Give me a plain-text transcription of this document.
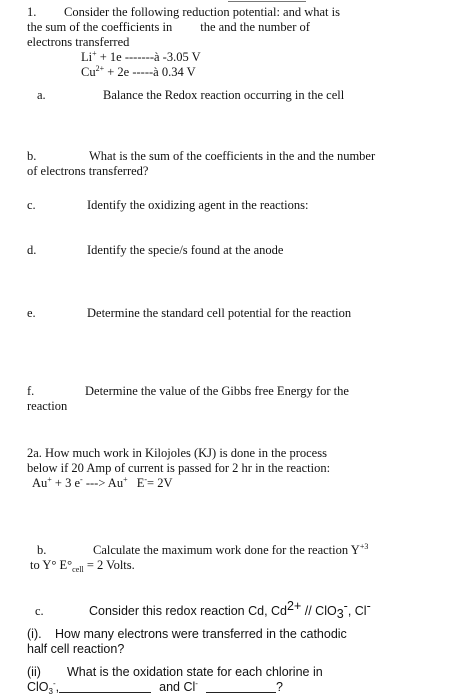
1. Consider the following reduction potential: and what is
the sum of the coefficients in the and the number of
electrons transferred
Li+ + 1e -------à -3.05 V
$Cu^{2+} + 2e$ -----à 0.34 V
a.	Balance the Redox reaction occurring in the cell
b.	What is the sum of the coefficients in the and the number
of electrons transferred?
c.	Identify the oxidizing agent in the reactions:
d.	Identify the specie/s found at the anode
e.	Determine the standard cell potential for the reaction
f.	Determine the value of the Gibbs free Energy for the
reaction
2a. How much work in Kilojoles (KJ) is done in the process
below if 20 Amp of current is passed for 2 hr in the reaction:
Au+ + 3 e- ---> Au+ E-= 2V
b.	Calculate the maximum work done for the reaction $Y^{+3}$
to Y° $E^\circ_{cell} = 2$ Volts.
c.	Consider this redox reaction Cd, Cd2+ // ClO3-, Cl-
(i). How many electrons were transferred in the cathodic
half cell reaction?
(ii) What is the oxidation state for each chlorine in
ClO$_3$-,	and Cl-	?
